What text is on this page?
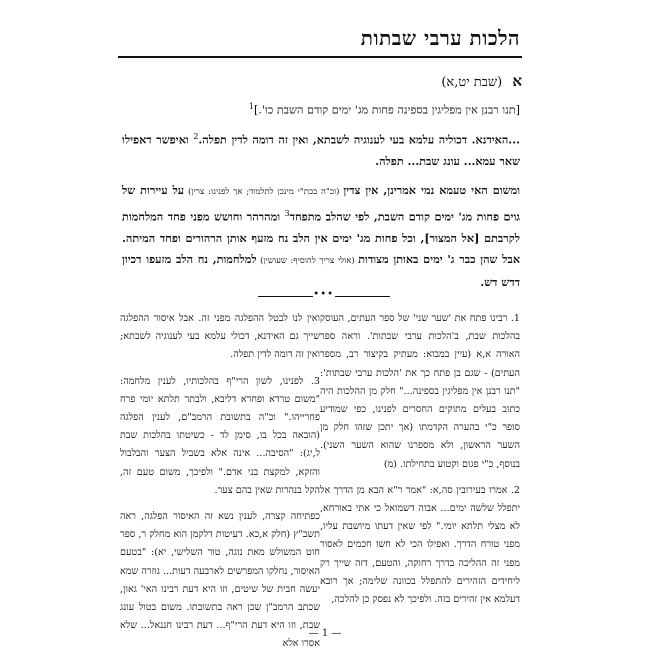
הלכות ערבי שבתות
א (שבת יט,א)
[תנו רבנן אין מפליגין בספינה פחות מג' ימים קודם השבת כו'.]$^1$
...האידנא. דכוליה עלמא בעי לענוגיה לשבתא, ואין זה דומה לדין תפלה.$^2$ ואיפשר דאפילו שאר עמא... עונג שבת... תפלה.
ומשום האי טעמא נמי אמרינן, אין צדין (וכ"ה בכת"י מינכן לתלמוד; אך לפנינו: צרין) על עיירות של גוים פחות מג' ימים קודם השבת, לפי שהלב מתפחד$^3$ ומהרהר וחושש מפני פחד המלחמות לקרבתם [אל המצור], וכל פחות מג' ימים אין הלב נח מזעף אותן הרהורים ופחד המיתה. אבל שהן כבר ג' ימים באותן מצודות (אולי צריך להוסיף: שעושין) למלחמות, נח הלב מזעפו דכיון דדש דש.
•••

1. רבינו פתח את 'שער שני' של ספר העתים, העוסק בהלכות שבת, ב'הלכות ערבי שבתות'. וראה ספר האורה א,א (עיין במבוא: מעתיק בקיצור רב, מספר העתים) - שגם בן פתח כך את 'הלכות ערבי שבתות': "תנו רבנן אין מפליגין בספינה..." חלק מן ההלכות היה כתוב בעלים מתוקים החסרים לפנינו, כפי שמודיע סופר כ"י בהערה הקדמתו (אך יתכן שזהו חלק מן השער הראשון, ולא מספרנו שהוא השער השני). בנוסף, כ"י פגום וקטוע בתחילתו. (מ)

2. אמרו בעירובין סה,א: "אמר ר"א הבא מן הדרך אל יתפלל שלשה ימים... אבוה דשמואל כי אתי באורחא, לא מצלי תלתא יומי." לפי שאין דעתו מיושבת עליו, מפני טורח הדרך. ואפילו הכי לא חשו חכמים לאסור מפני זה ההליכה בדרך רחוקה, והטעם, דזה שייך רק ליחידים הזהירים להתפלל בכוונה שלימה; אך רובא דעלמא אין זהירים בזה. ולפיכך לא נפסק כן להלכה,

ואין לנו לבטל ההפלגה מפני זה. אבל איסור ההפלגה שייך גם האידנא, דכולי עלמא בעי לענוגיה לשבתא; ואין זה דומה לדין תפלה.

3. לפנינו, לשון הרי"ף בהלכותיו, לענין מלחמה: "משום טרדא ופחרא דליבא, ולבתר תלתא יומי פרח פחרייהו." וכ"ה בתשובת הרמב"ם, לענין הפלגה (הובאה בכל בו, סימן לד - כשיטתו בהלכות שבת ל,יג): "הסיבה... אינה אלא בשביל הצער והבלבול והזקא, למקצת בני אדם." ולפיכך, משום טעם זה, הקל בנהרות שאין בהם צער.

כפתיחה קצרה, לענין נשא זה האיסור הפלגה, ראה תשב"ץ (חלק א,כא. דעיטות דלקמן הוא מחלק ר, ספר חוט המשולש מאת נוגה, טור השלישי, יא): "בטעם האיסור, נחלקו המפרשים לארבעה דעות... גוזרה שמא יעשה חבית של שיטים, וזו היא דעת רבינו האי' גאון, שכתב הרמב"ן שכן ראה בתשובתו. משום בטול עונג שבת, וזו היא דעת הרי"ף... דעת רבינו חננאל... שלא אסרו אלא

— 1 —
